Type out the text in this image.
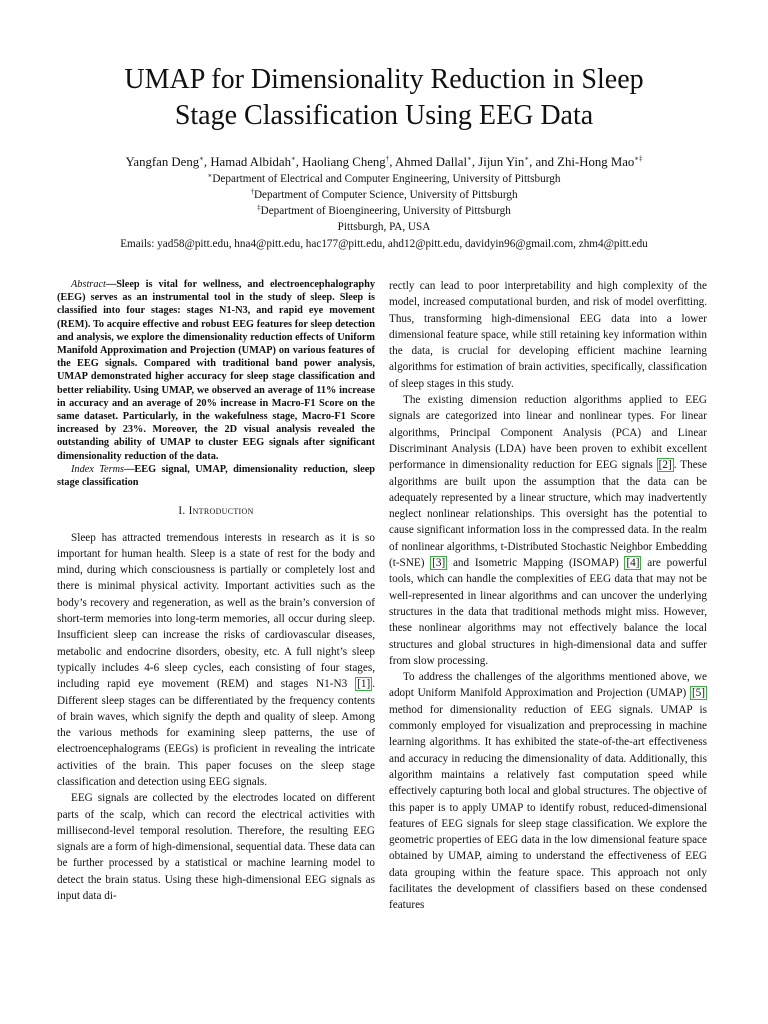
UMAP for Dimensionality Reduction in Sleep
Stage Classification Using EEG Data
Yangfan Deng∗, Hamad Albidah∗, Haoliang Cheng†, Ahmed Dallal∗, Jijun Yin∗, and Zhi-Hong Mao∗‡
∗Department of Electrical and Computer Engineering, University of Pittsburgh
†Department of Computer Science, University of Pittsburgh
‡Department of Bioengineering, University of Pittsburgh
Pittsburgh, PA, USA
Emails: yad58@pitt.edu, hna4@pitt.edu, hac177@pitt.edu, ahd12@pitt.edu, davidyin96@gmail.com, zhm4@pitt.edu

Abstract—Sleep is vital for wellness, and electroencephalography (EEG) serves as an instrumental tool in the study of sleep. Sleep is classified into four stages: stages N1-N3, and rapid eye movement (REM). To acquire effective and robust EEG features for sleep detection and analysis, we explore the dimensionality reduction effects of Uniform Manifold Approximation and Projection (UMAP) on various features of the EEG signals. Compared with traditional band power analysis, UMAP demonstrated higher accuracy for sleep stage classification and better reliability. Using UMAP, we observed an average of 11% increase in accuracy and an average of 20% increase in Macro-F1 Score on the same dataset. Particularly, in the wakefulness stage, Macro-F1 Score increased by 23%. Moreover, the 2D visual analysis revealed the outstanding ability of UMAP to cluster EEG signals after significant dimensionality reduction of the data.

Index Terms—EEG signal, UMAP, dimensionality reduction, sleep stage classification

I. Introduction

Sleep has attracted tremendous interests in research as it is so important for human health. Sleep is a state of rest for the body and mind, during which consciousness is partially or completely lost and there is minimal physical activity. Important activities such as the body’s recovery and regeneration, as well as the brain’s conversion of short-term memories into long-term memories, all occur during sleep. Insufficient sleep can increase the risks of cardiovascular diseases, metabolic and endocrine disorders, obesity, etc. A full night’s sleep typically includes 4-6 sleep cycles, each consisting of four stages, including rapid eye movement (REM) and stages N1-N3 [1] . Different sleep stages can be differentiated by the frequency contents of brain waves, which signify the depth and quality of sleep. Among the various methods for examining sleep patterns, the use of electroencephalograms (EEGs) is proficient in revealing the intricate activities of the brain. This paper focuses on the sleep stage classification and detection using EEG signals.

EEG signals are collected by the electrodes located on different parts of the scalp, which can record the electrical activities with millisecond-level temporal resolution. Therefore, the resulting EEG signals are a form of high-dimensional, sequential data. These data can be further processed by a statistical or machine learning model to detect the brain status. Using these high-dimensional EEG signals as input data di-

rectly can lead to poor interpretability and high complexity of the model, increased computational burden, and risk of model overfitting. Thus, transforming high-dimensional EEG data into a lower dimensional feature space, while still retaining key information within the data, is crucial for developing efficient machine learning algorithms for estimation of brain activities, specifically, classification of sleep stages in this study.

The existing dimension reduction algorithms applied to EEG signals are categorized into linear and nonlinear types. For linear algorithms, Principal Component Analysis (PCA) and Linear Discriminant Analysis (LDA) have been proven to exhibit excellent performance in dimensionality reduction for EEG signals [2] . These algorithms are built upon the assumption that the data can be adequately represented by a linear structure, which may inadvertently neglect nonlinear relationships. This oversight has the potential to cause significant information loss in the compressed data. In the realm of nonlinear algorithms, t-Distributed Stochastic Neighbor Embedding (t-SNE) [3] and Isometric Mapping (ISOMAP) [4] are powerful tools, which can handle the complexities of EEG data that may not be well-represented in linear algorithms and can uncover the underlying structures in the data that traditional methods might miss. However, these nonlinear algorithms may not effectively balance the local structures and global structures in high-dimensional data and suffer from slow processing.

To address the challenges of the algorithms mentioned above, we adopt Uniform Manifold Approximation and Projection (UMAP) [5] method for dimensionality reduction of EEG signals. UMAP is commonly employed for visualization and preprocessing in machine learning algorithms. It has exhibited the state-of-the-art effectiveness and accuracy in reducing the dimensionality of data. Additionally, this algorithm maintains a relatively fast computation speed while effectively capturing both local and global structures. The objective of this paper is to apply UMAP to identify robust, reduced-dimensional features of EEG signals for sleep stage classification. We explore the geometric properties of EEG data in the low dimensional feature space obtained by UMAP, aiming to understand the effectiveness of EEG data grouping within the feature space. This approach not only facilitates the development of classifiers based on these condensed features
